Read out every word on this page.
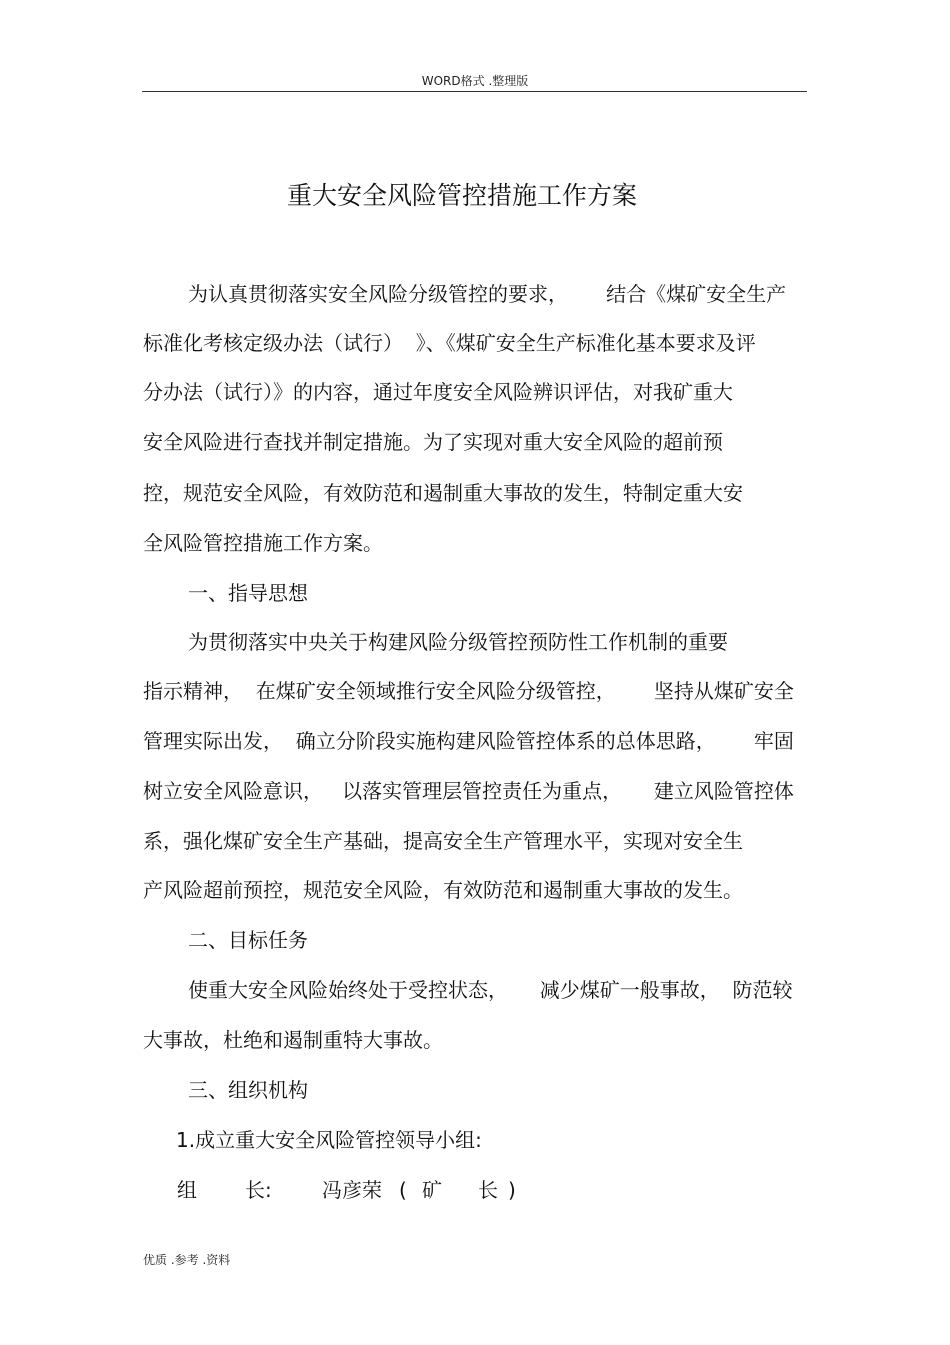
WORD格式 .整理版
重大安全风险管控措施工作方案
为认真贯彻落实安全风险分级管控的要求，      结合《煤矿安全生产
标准化考核定级办法（试行）  》、《煤矿安全生产标准化基本要求及评
分办法（试行）》的内容，通过年度安全风险辨识评估，对我矿重大
安全风险进行查找并制定措施。为了实现对重大安全风险的超前预
控，规范安全风险，有效防范和遏制重大事故的发生，特制定重大安
全风险管控措施工作方案。
一、指导思想
为贯彻落实中央关于构建风险分级管控预防性工作机制的重要
指示精神，  在煤矿安全领域推行安全风险分级管控，      坚持从煤矿安全
管理实际出发，  确立分阶段实施构建风险管控体系的总体思路，      牢固
树立安全风险意识，   以落实管理层管控责任为重点，     建立风险管控体
系，强化煤矿安全生产基础，提高安全生产管理水平，实现对安全生
产风险超前预控，规范安全风险，有效防范和遏制重大事故的发生。
二、目标任务
使重大安全风险始终处于受控状态，     减少煤矿一般事故，  防范较
大事故，杜绝和遏制重特大事故。
三、组织机构
1.成立重大安全风险管控领导小组:
组 长:	冯彦荣 ( 矿 长 )
优质 .参考 .资料
